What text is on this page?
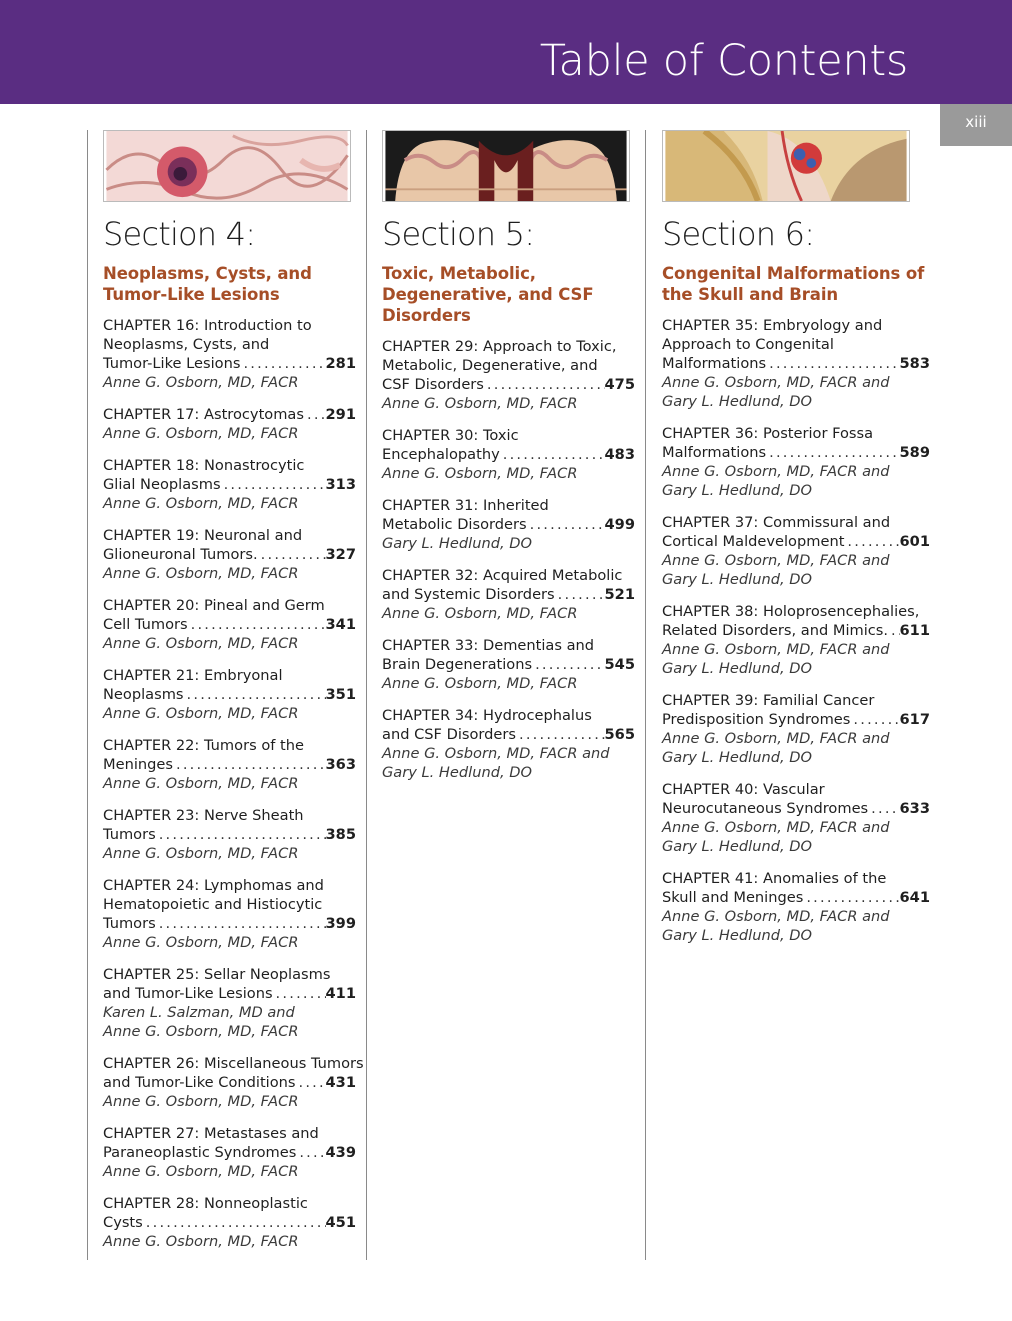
Table of Contents
xiii
Section 4:
Neoplasms, Cysts, and
Tumor-Like Lesions
CHAPTER 16: Introduction to
Neoplasms, Cysts, and
Tumor-Like Lesions .....	281
Anne G. Osborn, MD, FACR
CHAPTER 17: Astrocytomas ..... 291
Anne G. Osborn, MD, FACR
CHAPTER 18: Nonastrocytic
Glial Neoplasms .....	313
Anne G. Osborn, MD, FACR
CHAPTER 19: Neuronal and
Glioneuronal Tumors. .....	327
Anne G. Osborn, MD, FACR
CHAPTER 20: Pineal and Germ
Cell Tumors .....	341
Anne G. Osborn, MD, FACR
CHAPTER 21: Embryonal
Neoplasms .....	351
Anne G. Osborn, MD, FACR
CHAPTER 22: Tumors of the
Meninges .....	363
Anne G. Osborn, MD, FACR
CHAPTER 23: Nerve Sheath
Tumors .....	385
Anne G. Osborn, MD, FACR
CHAPTER 24: Lymphomas and
Hematopoietic and Histiocytic
Tumors .....	399
Anne G. Osborn, MD, FACR
CHAPTER 25: Sellar Neoplasms
and Tumor-Like Lesions .....	411
Karen L. Salzman, MD and
Anne G. Osborn, MD, FACR
CHAPTER 26: Miscellaneous Tumors
and Tumor-Like Conditions ..... 431
Anne G. Osborn, MD, FACR
CHAPTER 27: Metastases and
Paraneoplastic Syndromes ..... 439
Anne G. Osborn, MD, FACR
CHAPTER 28: Nonneoplastic
Cysts .....	451
Anne G. Osborn, MD, FACR
Section 5:
Toxic, Metabolic,
Degenerative, and CSF
Disorders
CHAPTER 29: Approach to Toxic,
Metabolic, Degenerative, and
CSF Disorders .....	475
Anne G. Osborn, MD, FACR
CHAPTER 30: Toxic
Encephalopathy .....	483
Anne G. Osborn, MD, FACR
CHAPTER 31: Inherited
Metabolic Disorders .....	499
Gary L. Hedlund, DO
CHAPTER 32: Acquired Metabolic
and Systemic Disorders .....	521
Anne G. Osborn, MD, FACR
CHAPTER 33: Dementias and
Brain Degenerations .....	545
Anne G. Osborn, MD, FACR
CHAPTER 34: Hydrocephalus
and CSF Disorders .....	565
Anne G. Osborn, MD, FACR and
Gary L. Hedlund, DO
Section 6:
Congenital Malformations of
the Skull and Brain
CHAPTER 35: Embryology and
Approach to Congenital
Malformations .....	583
Anne G. Osborn, MD, FACR and
Gary L. Hedlund, DO
CHAPTER 36: Posterior Fossa
Malformations .....	589
Anne G. Osborn, MD, FACR and
Gary L. Hedlund, DO
CHAPTER 37: Commissural and
Cortical Maldevelopment .....	601
Anne G. Osborn, MD, FACR and
Gary L. Hedlund, DO
CHAPTER 38: Holoprosencephalies,
Related Disorders, and Mimics. ..... 611
Anne G. Osborn, MD, FACR and
Gary L. Hedlund, DO
CHAPTER 39: Familial Cancer
Predisposition Syndromes .....	617
Anne G. Osborn, MD, FACR and
Gary L. Hedlund, DO
CHAPTER 40: Vascular
Neurocutaneous Syndromes ..... 633
Anne G. Osborn, MD, FACR and
Gary L. Hedlund, DO
CHAPTER 41: Anomalies of the
Skull and Meninges .....	641
Anne G. Osborn, MD, FACR and
Gary L. Hedlund, DO
